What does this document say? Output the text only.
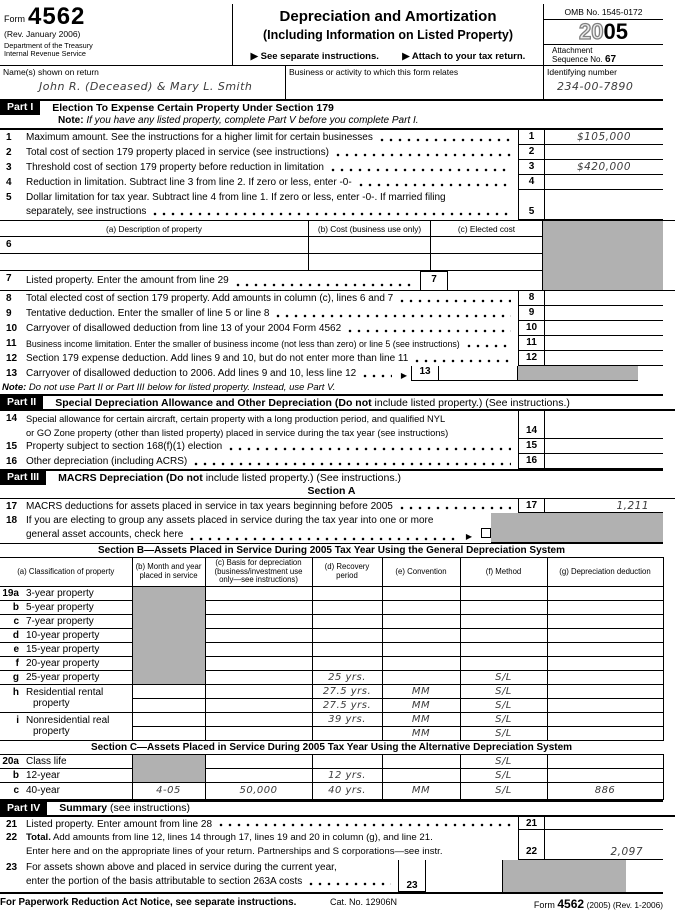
Form 4562
(Rev. January 2006)
Department of the Treasury
Internal Revenue Service
Depreciation and Amortization
(Including Information on Listed Property)
▶ See separate instructions. ▶ Attach to your tax return.
OMB No. 1545-0172
2005
Attachment
Sequence No. 67
Name(s) shown on return
John R. (Deceased) & Mary L. Smith
Business or activity to which this form relates	Identifying number
234-00-7890
Part I	Election To Expense Certain Property Under Section 179
Note: If you have any listed property, complete Part V before you complete Part I.
1	Maximum amount. See the instructions for a higher limit for certain businesses	1	$105,000
2	Total cost of section 179 property placed in service (see instructions)	2
3	Threshold cost of section 179 property before reduction in limitation	3	$420,000
4	Reduction in limitation. Subtract line 3 from line 2. If zero or less, enter -0-	4
5	Dollar limitation for tax year. Subtract line 4 from line 1. If zero or less, enter -0-. If married filing
separately, see instructions	5
(a) Description of property	(b) Cost (business use only)	(c) Elected cost
6
7	Listed property. Enter the amount from line 29	7
8	Total elected cost of section 179 property. Add amounts in column (c), lines 6 and 7	8
9	Tentative deduction. Enter the smaller of line 5 or line 8	9
10 Carryover of disallowed deduction from line 13 of your 2004 Form 4562	10
11	Business income limitation. Enter the smaller of business income (not less than zero) or line 5 (see instructions)	11
12 Section 179 expense deduction. Add lines 9 and 10, but do not enter more than line 11	12
13 Carryover of disallowed deduction to 2006. Add lines 9 and 10, less line 12	▶	13
Note: Do not use Part II or Part III below for listed property. Instead, use Part V.
Part II	Special Depreciation Allowance and Other Depreciation (Do not include listed property.) (See instructions.)
14 Special allowance for certain aircraft, certain property with a long production period, and qualified NYL
or GO Zone property (other than listed property) placed in service during the tax year (see instructions)	14
15 Property subject to section 168(f)(1) election	15
16 Other depreciation (including ACRS)	16
Part III	MACRS Depreciation (Do not include listed property.) (See instructions.)
Section A
17 MACRS deductions for assets placed in service in tax years beginning before 2005	17	1,211
18 If you are electing to group any assets placed in service during the tax year into one or more
general asset accounts, check here	▶
Section B—Assets Placed in Service During 2005 Tax Year Using the General Depreciation System
(a) Classification of property	(b) Month and year placed in service	(c) Basis for depreciation (business/investment use only—see instructions)	(d) Recovery period	(e) Convention	(f) Method	(g) Depreciation deduction
19a 3-year property						
b 5-year property						
c 7-year property						
d 10-year property						
e 15-year property						
f 20-year property						
g 25-year property			25 yrs.		S/L	
h Residential rental
property			27.5 yrs.	MM	S/L	
			27.5 yrs.	MM	S/L	
i Nonresidential real
property			39 yrs.	MM	S/L	
				MM	S/L	
Section C—Assets Placed in Service During 2005 Tax Year Using the Alternative Depreciation System
20a Class life					S/L	
b 12-year			12 yrs.		S/L	
c 40-year	4-05	50,000	40 yrs.	MM	S/L	886
Part IV	Summary (see instructions)
21 Listed property. Enter amount from line 28	21
22 Total. Add amounts from line 12, lines 14 through 17, lines 19 and 20 in column (g), and line 21.
Enter here and on the appropriate lines of your return. Partnerships and S corporations—see instr.	22	2,097
23 For assets shown above and placed in service during the current year,
enter the portion of the basis attributable to section 263A costs	23
For Paperwork Reduction Act Notice, see separate instructions.	Cat. No. 12906N	Form 4562 (2005) (Rev. 1-2006)
